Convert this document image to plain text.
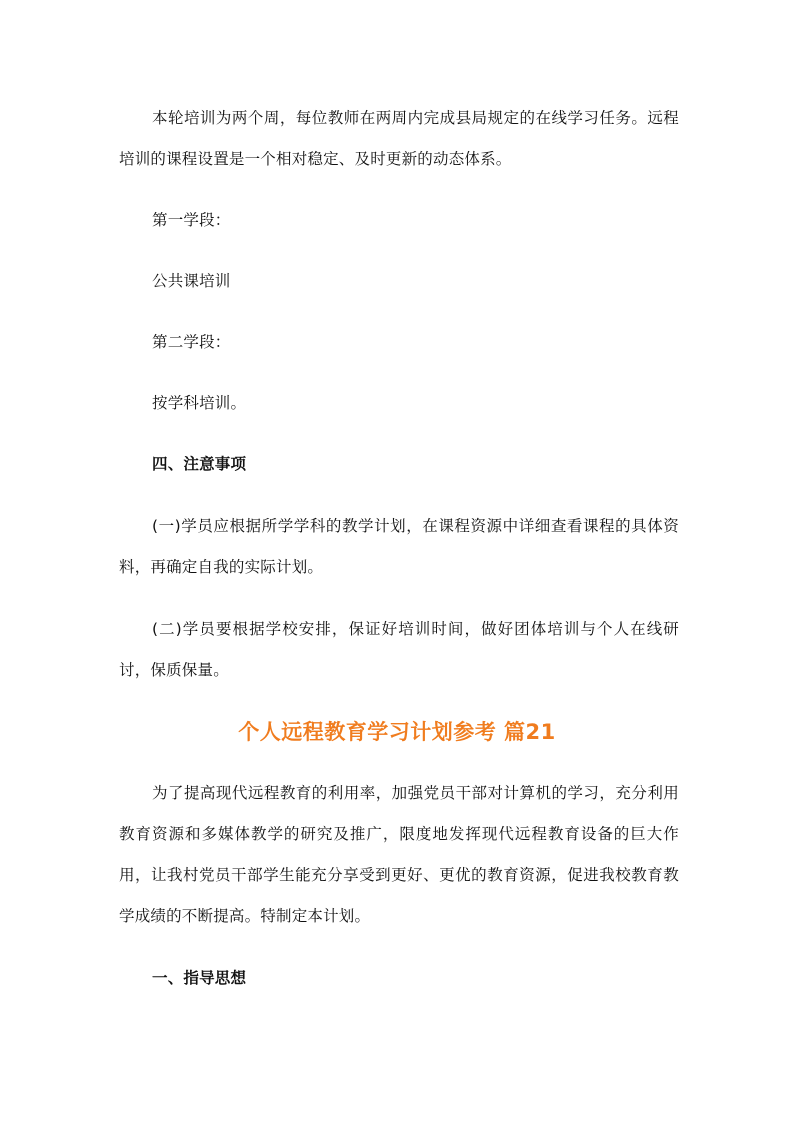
本轮培训为两个周，每位教师在两周内完成县局规定的在线学习任务。远程培训的课程设置是一个相对稳定、及时更新的动态体系。

第一学段：

公共课培训

第二学段：

按学科培训。

四、注意事项

(一)学员应根据所学学科的教学计划，在课程资源中详细查看课程的具体资料，再确定自我的实际计划。

(二)学员要根据学校安排，保证好培训时间，做好团体培训与个人在线研讨，保质保量。

个人远程教育学习计划参考 篇21

为了提高现代远程教育的利用率，加强党员干部对计算机的学习，充分利用教育资源和多媒体教学的研究及推广，限度地发挥现代远程教育设备的巨大作用，让我村党员干部学生能充分享受到更好、更优的教育资源，促进我校教育教学成绩的不断提高。特制定本计划。

一、指导思想
